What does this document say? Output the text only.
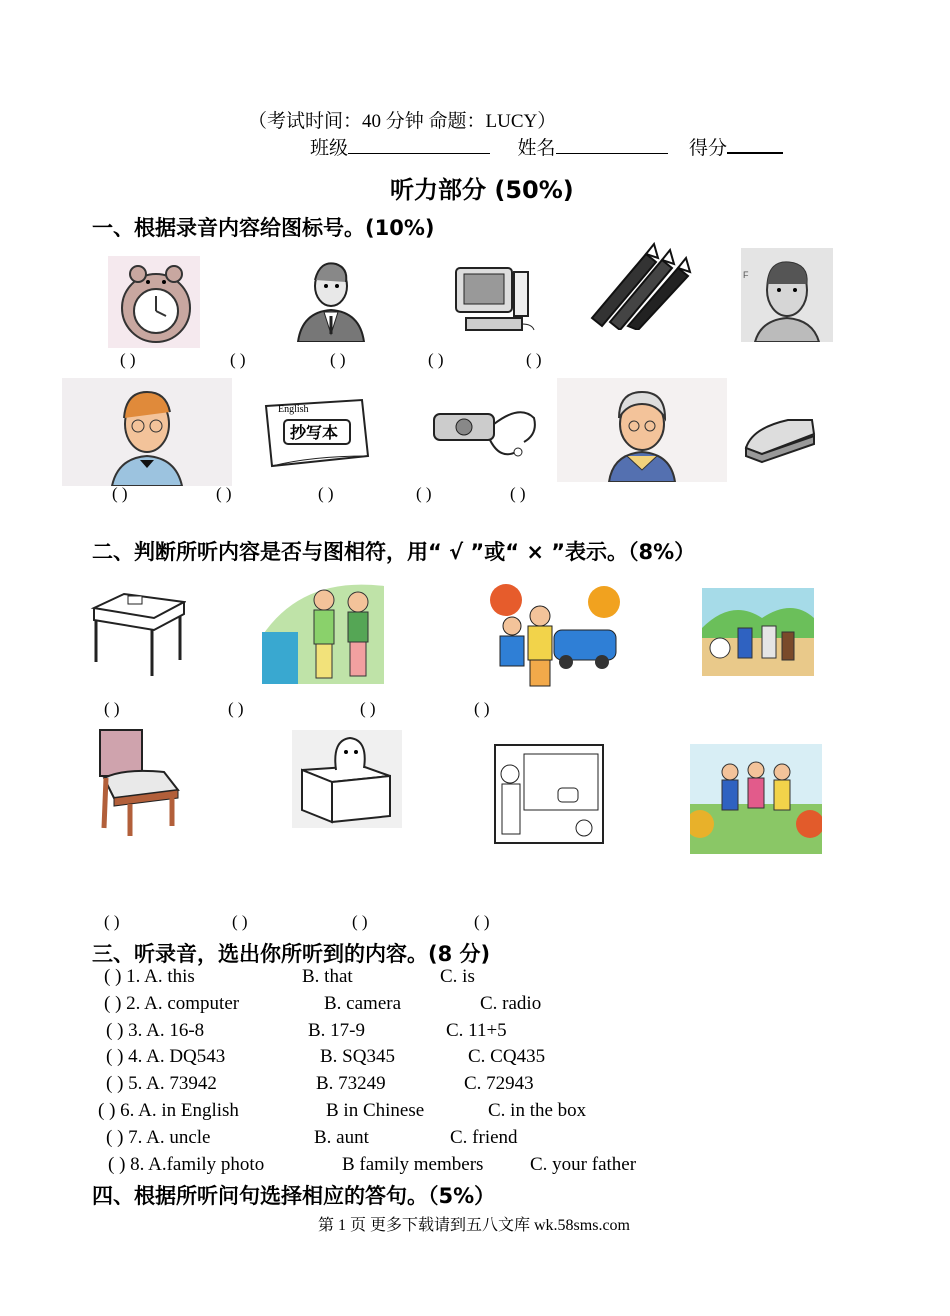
（考试时间：40 分钟 命题：LUCY）
班级	姓名	得分
听力部分 (50%)
一、根据录音内容给图标号。(10%)
F
( )	( )	( )	( )	( )
English
抄写本
( )	( )	( )	( )	( )
二、判断所听内容是否与图相符，用“ √ ”或“ × ”表示。（8%）
( )	( )	( )	( )
( )	( )	( )	( )
三、听录音，选出你所听到的内容。(8 分)
( ) 1. A. this	B. that	C. is
( ) 2. A. computer	B. camera	C. radio
( ) 3. A. 16-8	B. 17-9	C. 11+5
( ) 4. A. DQ543	B. SQ345	C. CQ435
( ) 5. A. 73942	B. 73249	C. 72943
( ) 6. A. in English	B in Chinese	C. in the box
( ) 7. A. uncle	B. aunt	C. friend
( ) 8. A.family photo	B family members C. your father
四、根据所听问句选择相应的答句。（5%）
第 1 页 更多下载请到五八文库 wk.58sms.com
